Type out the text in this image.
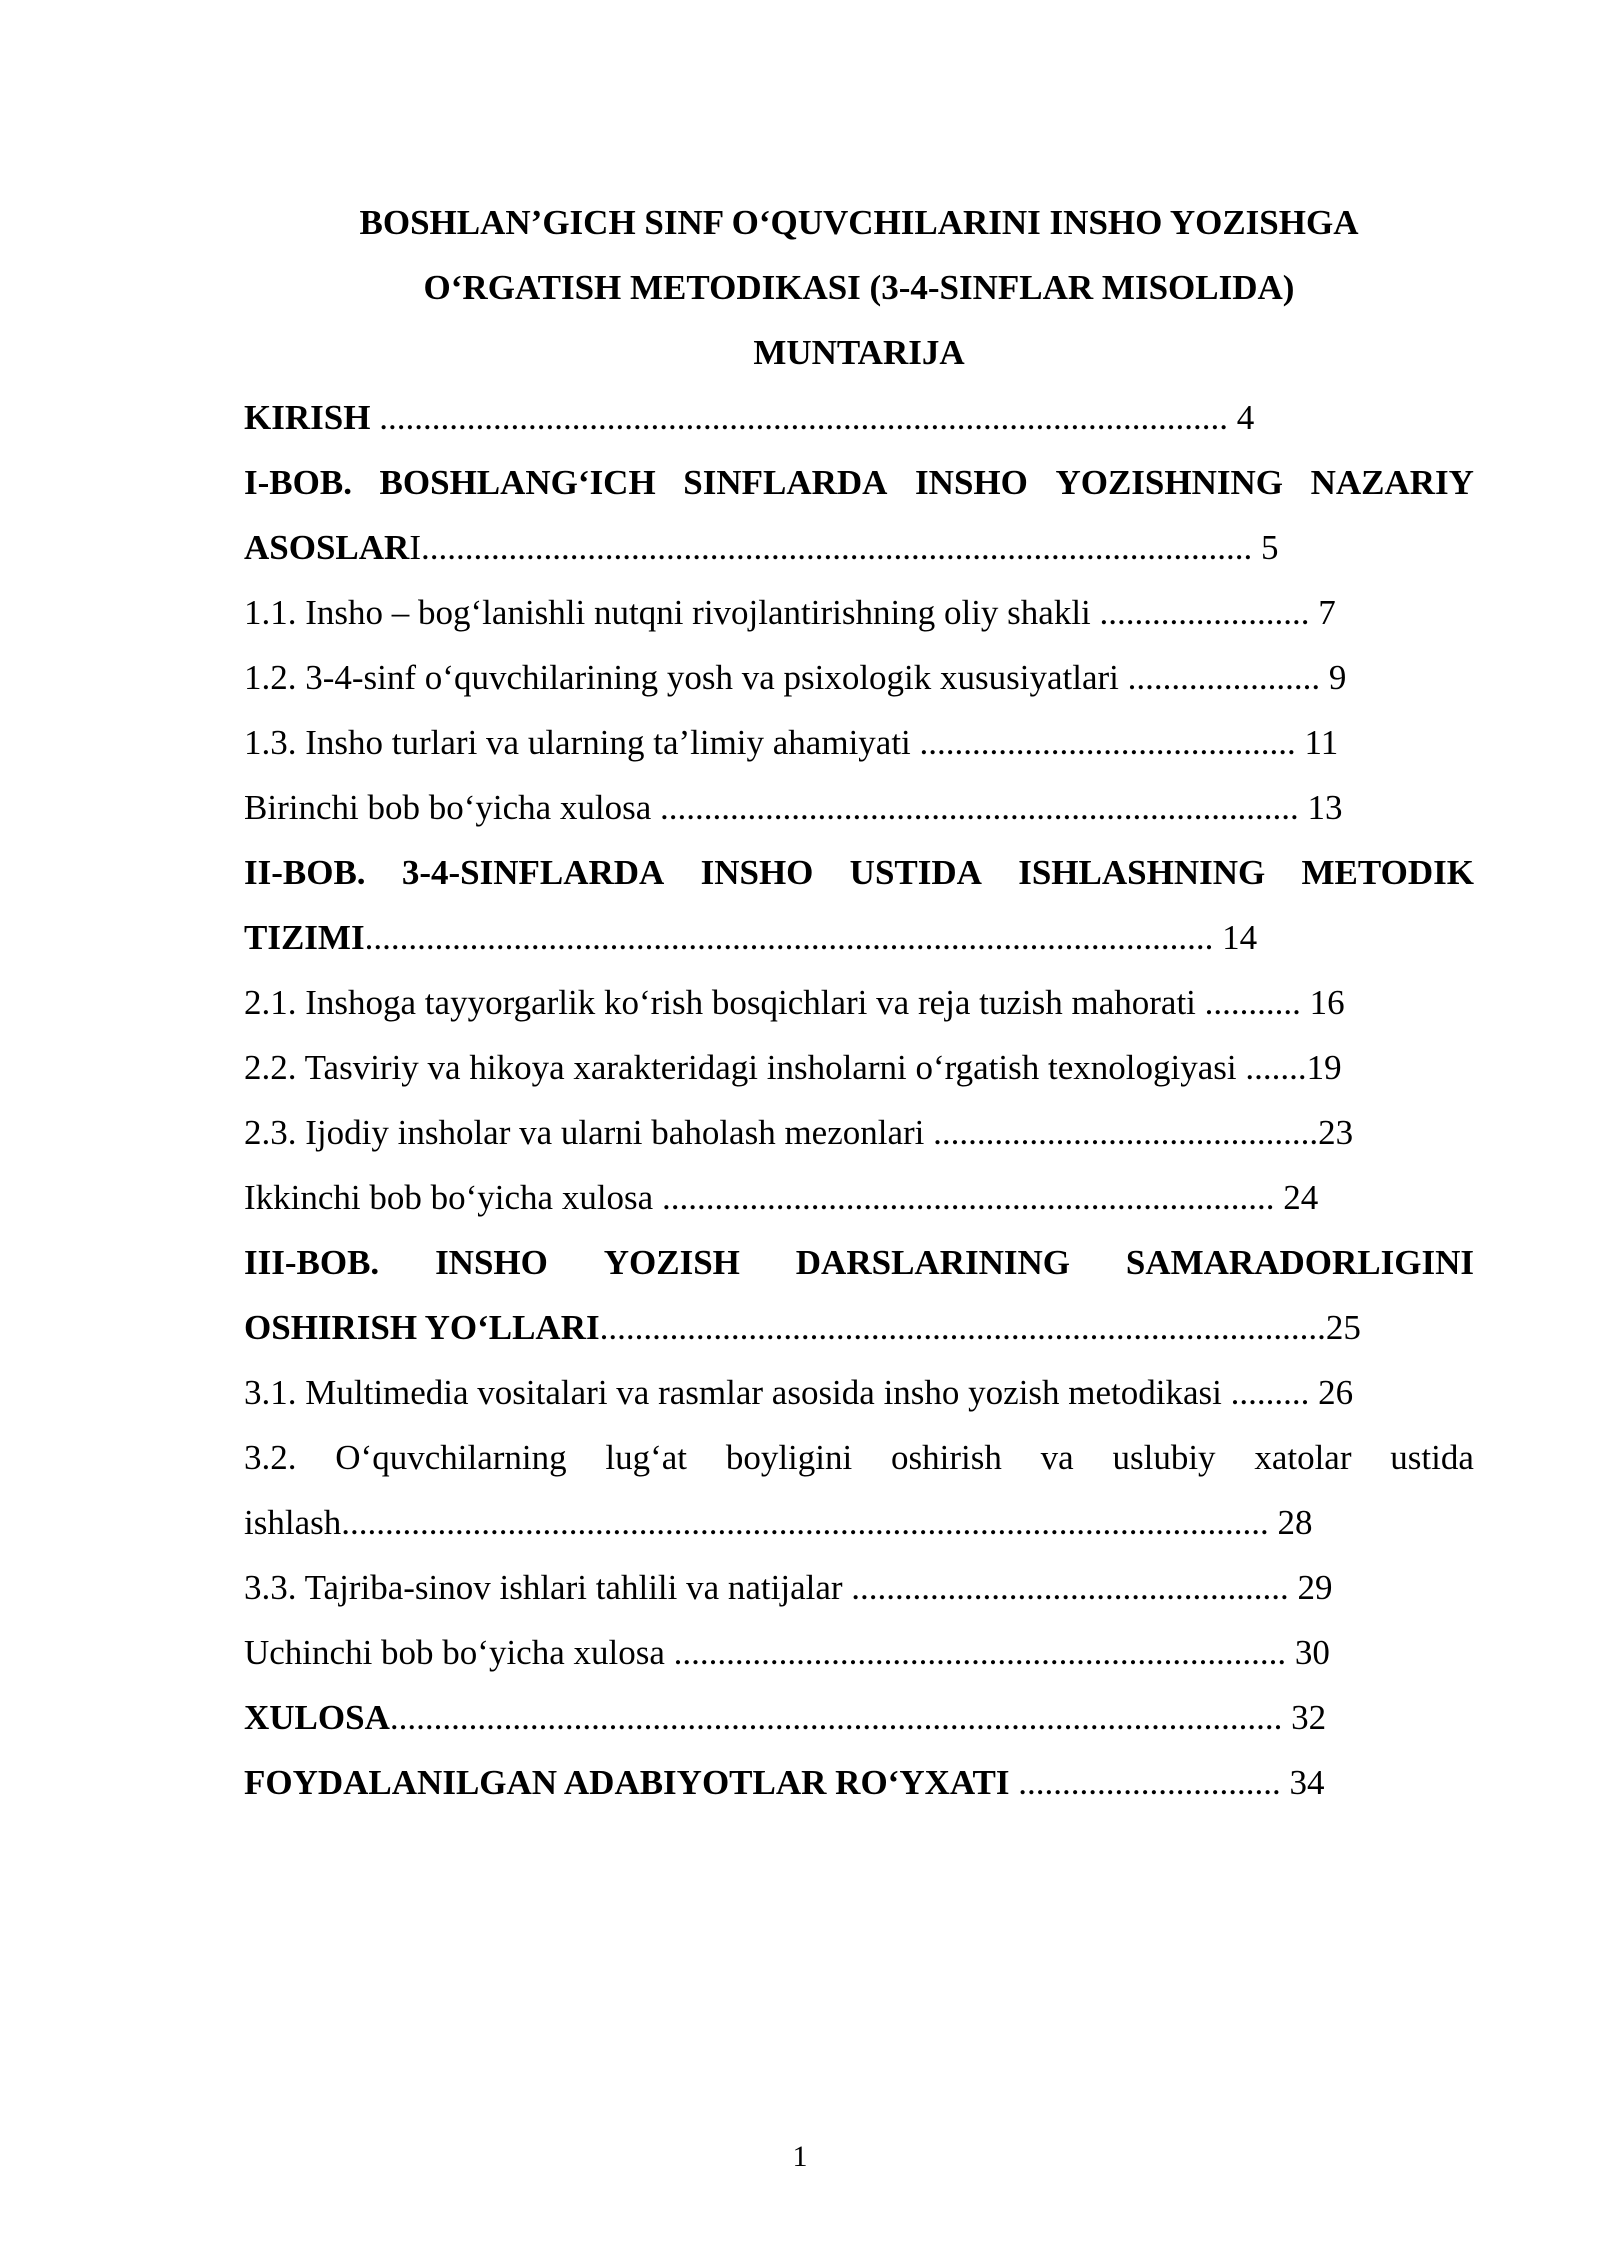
BOSHLAN’GICH SINF O‘QUVCHILARINI INSHO YOZISHGA
O‘RGATISH METODIKASI (3-4-SINFLAR MISOLIDA)
MUNTARIJA
KIRISH ................................................................................................. 4
I-BOB. BOSHLANG‘ICH SINFLARDA INSHO YOZISHNING NAZARIY
ASOSLARI............................................................................................... 5
1.1. Insho – bog‘lanishli nutqni rivojlantirishning oliy shakli ........................ 7
1.2. 3-4-sinf o‘quvchilarining yosh va psixologik xususiyatlari ...................... 9
1.3. Insho turlari va ularning ta’limiy ahamiyati ........................................... 11
Birinchi bob bo‘yicha xulosa ......................................................................... 13
II-BOB. 3-4-SINFLARDA INSHO USTIDA ISHLASHNING METODIK
TIZIMI................................................................................................. 14
2.1. Inshoga tayyorgarlik ko‘rish bosqichlari va reja tuzish mahorati ........... 16
2.2. Tasviriy va hikoya xarakteridagi insholarni o‘rgatish texnologiyasi .......19
2.3. Ijodiy insholar va ularni baholash mezonlari ............................................23
Ikkinchi bob bo‘yicha xulosa ...................................................................... 24
III-BOB. INSHO YOZISH DARSLARINING SAMARADORLIGINI
OSHIRISH YO‘LLARI...................................................................................25
3.1. Multimedia vositalari va rasmlar asosida insho yozish metodikasi ......... 26
3.2. O‘quvchilarning lug‘at boyligini oshirish va uslubiy xatolar ustida
ishlash.......................................................................................................... 28
3.3. Tajriba-sinov ishlari tahlili va natijalar .................................................. 29
Uchinchi bob bo‘yicha xulosa ...................................................................... 30
XULOSA...................................................................................................... 32
FOYDALANILGAN ADABIYOTLAR RO‘YXATI .............................. 34
1
